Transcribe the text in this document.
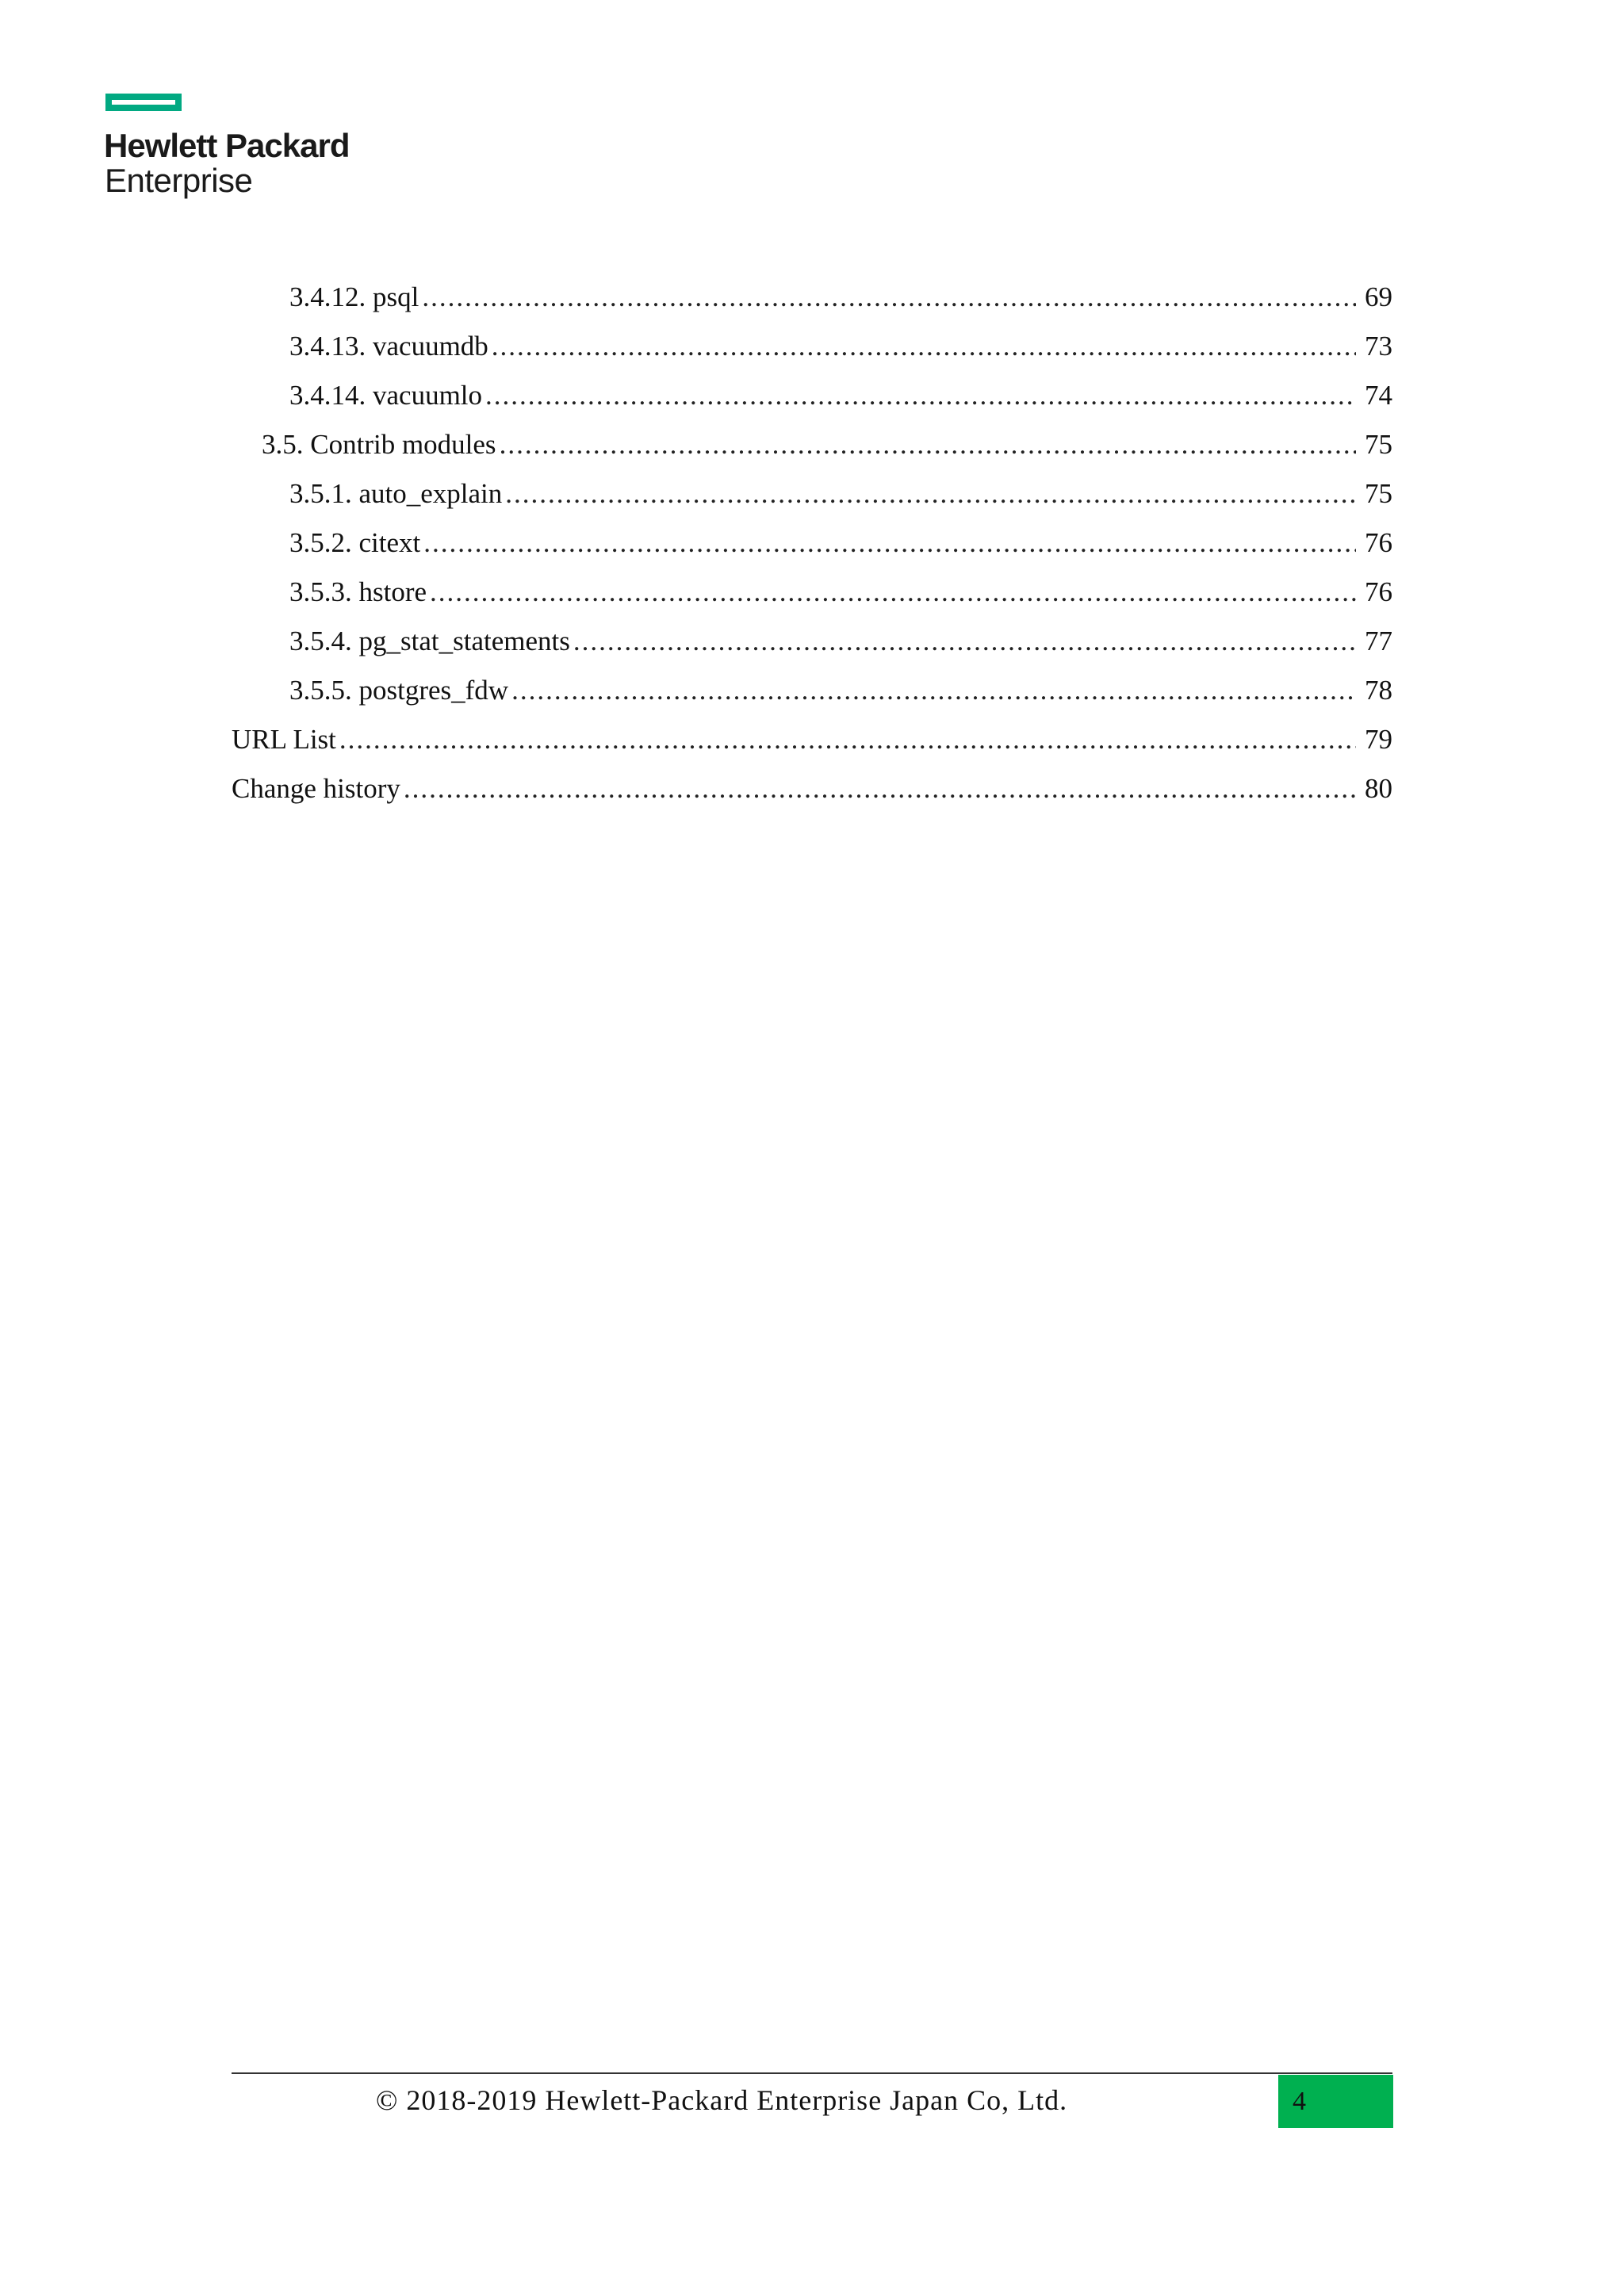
Hewlett Packard
Enterprise
3.4.12. psql .....	69
3.4.13. vacuumdb .....	73
3.4.14. vacuumlo .....	74
3.5. Contrib modules .....	75
3.5.1. auto_explain .....	75
3.5.2. citext .....	76
3.5.3. hstore .....	76
3.5.4. pg_stat_statements .....	77
3.5.5. postgres_fdw .....	78
URL List .....	79
Change history .....	80
© 2018-2019 Hewlett-Packard Enterprise Japan Co, Ltd.	4
